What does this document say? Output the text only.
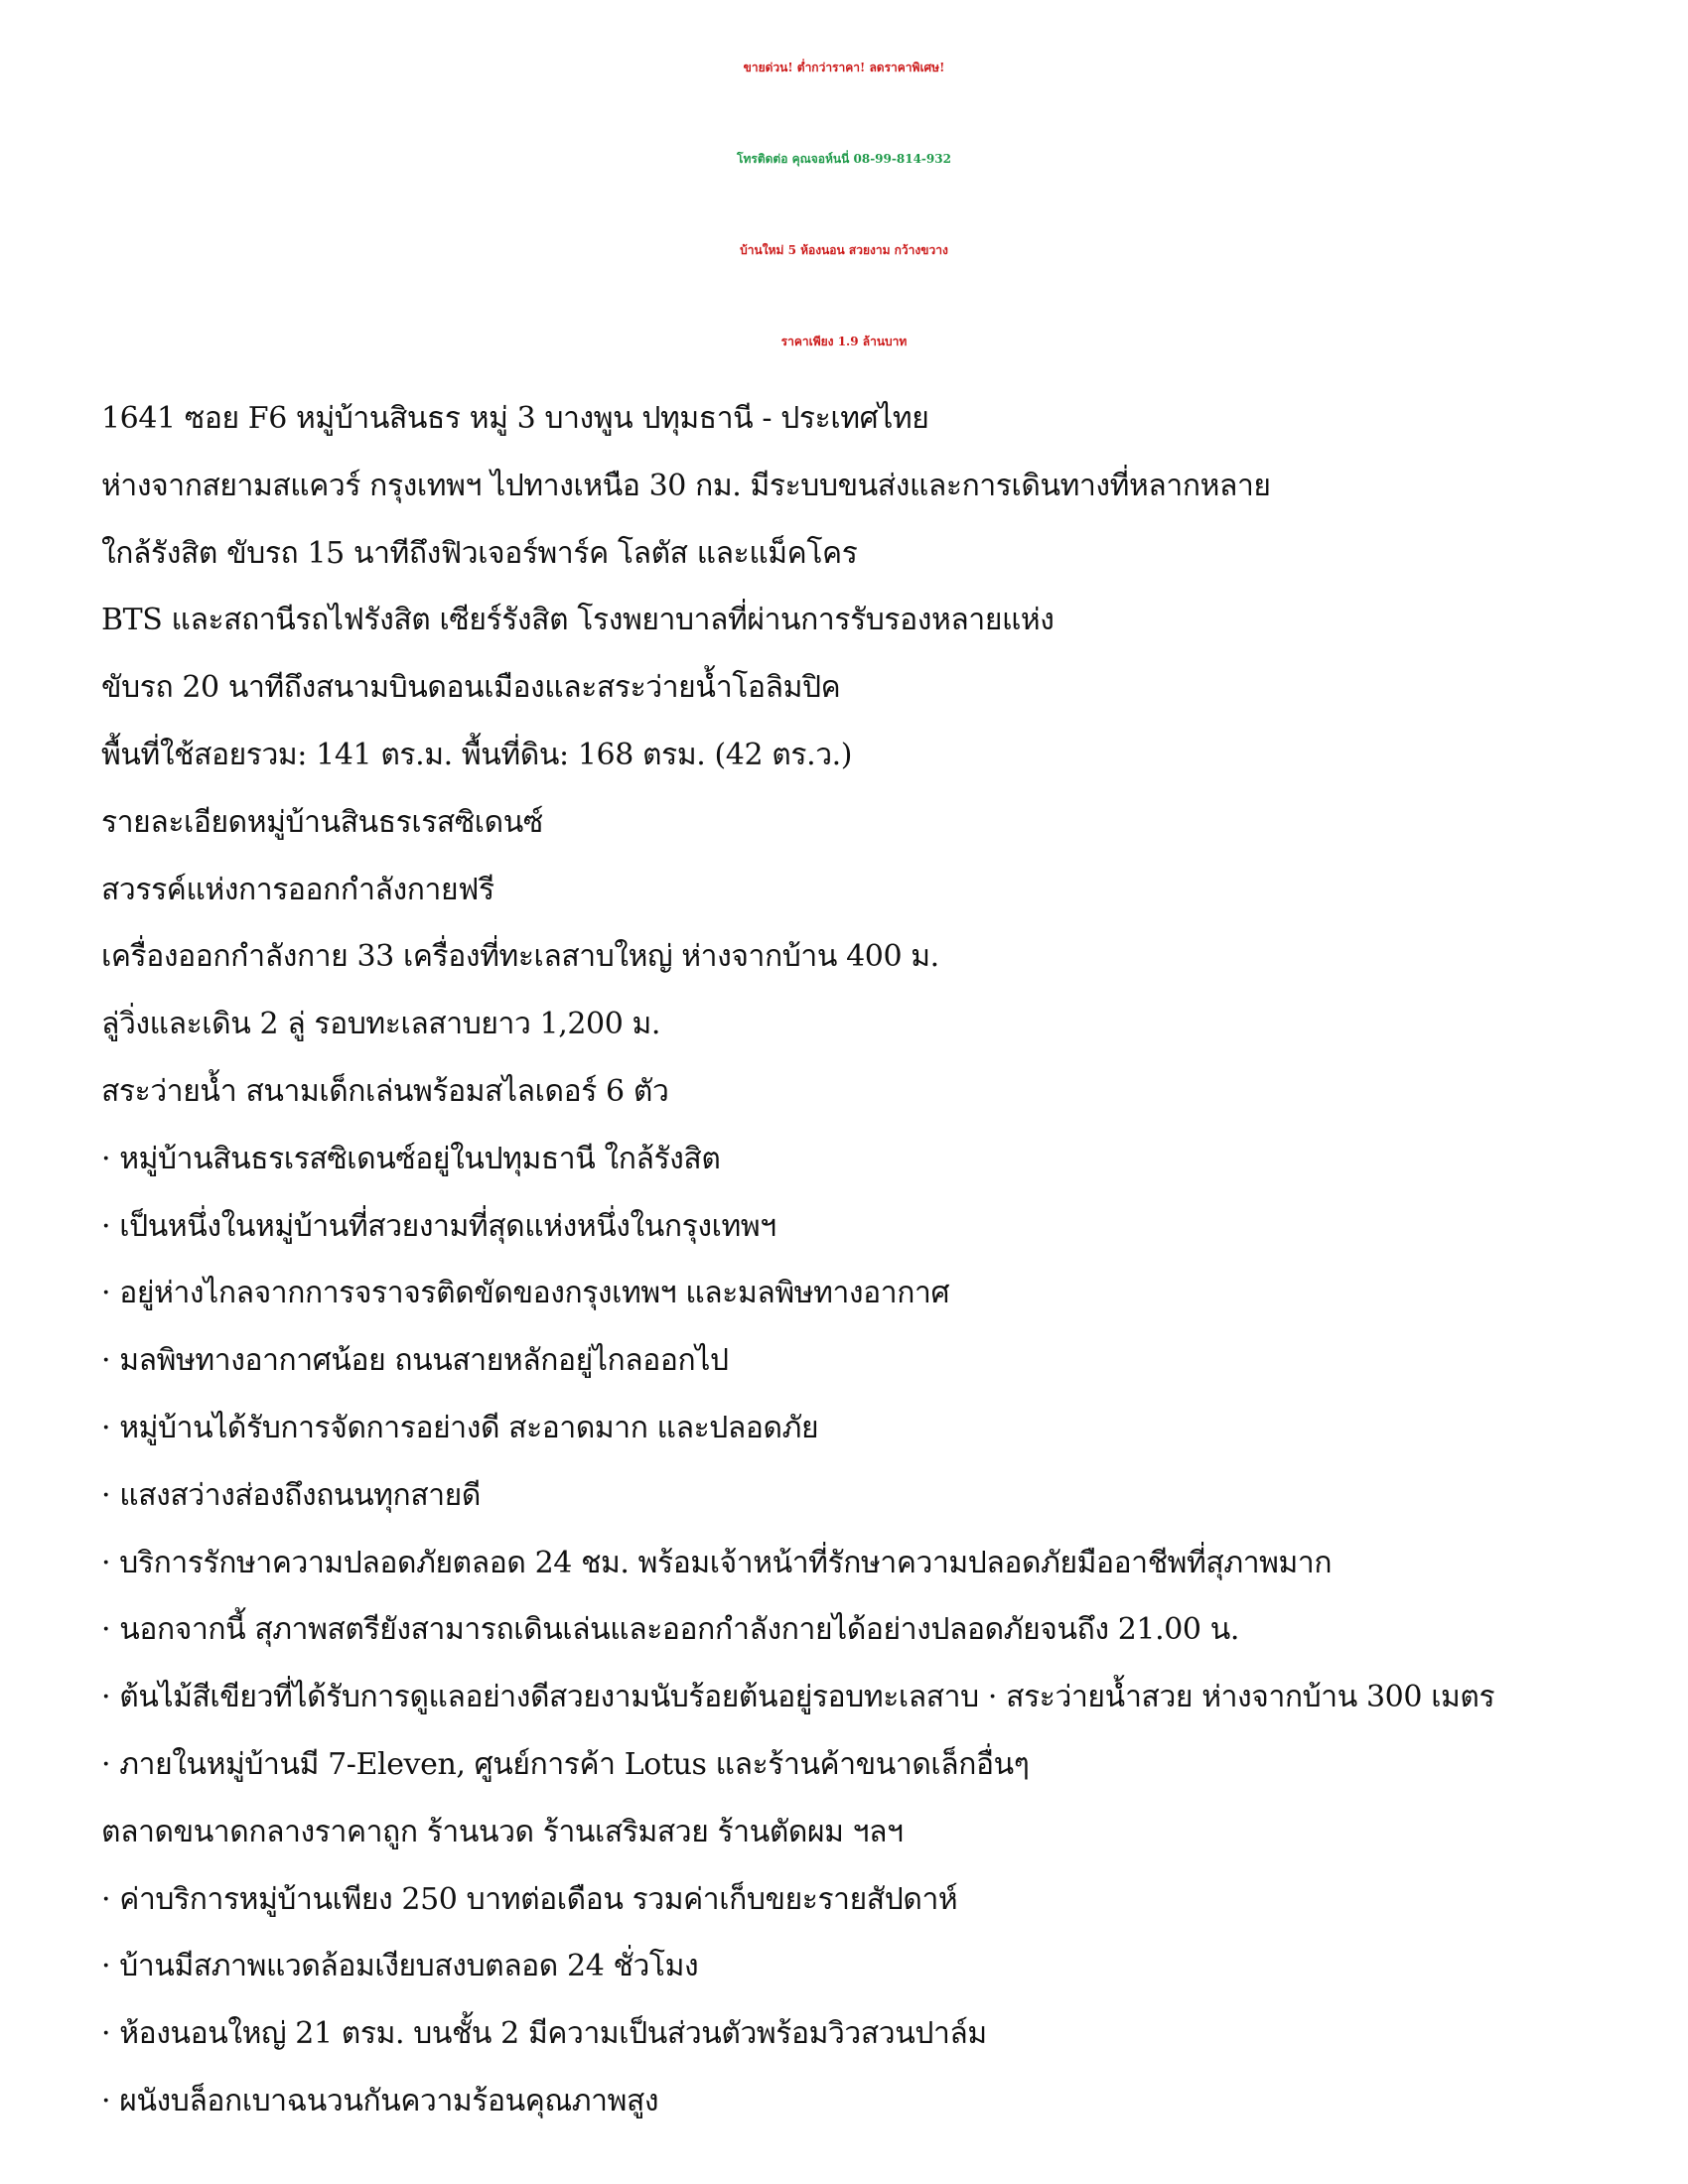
ขายด่วน! ต่ำกว่าราคา! ลดราคาพิเศษ!
โทรติดต่อ คุณจอห์นนี่ 08-99-814-932
บ้านใหม่ 5 ห้องนอน สวยงาม กว้างขวาง
ราคาเพียง 1.9 ล้านบาท
1641 ซอย F6 หมู่บ้านสินธร หมู่ 3 บางพูน ปทุมธานี - ประเทศไทย
ห่างจากสยามสแควร์ กรุงเทพฯ ไปทางเหนือ 30 กม. มีระบบขนส่งและการเดินทางที่หลากหลาย
ใกล้รังสิต ขับรถ 15 นาทีถึงฟิวเจอร์พาร์ค โลตัส และแม็คโคร
BTS และสถานีรถไฟรังสิต เซียร์รังสิต โรงพยาบาลที่ผ่านการรับรองหลายแห่ง
ขับรถ 20 นาทีถึงสนามบินดอนเมืองและสระว่ายน้ำโอลิมปิค
พื้นที่ใช้สอยรวม: 141 ตร.ม. พื้นที่ดิน: 168 ตรม. (42 ตร.ว.)
รายละเอียดหมู่บ้านสินธรเรสซิเดนซ์
สวรรค์แห่งการออกกำลังกายฟรี
เครื่องออกกำลังกาย 33 เครื่องที่ทะเลสาบใหญ่ ห่างจากบ้าน 400 ม.
ลู่วิ่งและเดิน 2 ลู่ รอบทะเลสาบยาว 1,200 ม.
สระว่ายน้ำ สนามเด็กเล่นพร้อมสไลเดอร์ 6 ตัว
· หมู่บ้านสินธรเรสซิเดนซ์อยู่ในปทุมธานี ใกล้รังสิต
· เป็นหนึ่งในหมู่บ้านที่สวยงามที่สุดแห่งหนึ่งในกรุงเทพฯ
· อยู่ห่างไกลจากการจราจรติดขัดของกรุงเทพฯ และมลพิษทางอากาศ
· มลพิษทางอากาศน้อย ถนนสายหลักอยู่ไกลออกไป
· หมู่บ้านได้รับการจัดการอย่างดี สะอาดมาก และปลอดภัย
· แสงสว่างส่องถึงถนนทุกสายดี
· บริการรักษาความปลอดภัยตลอด 24 ชม. พร้อมเจ้าหน้าที่รักษาความปลอดภัยมืออาชีพที่สุภาพมาก
· นอกจากนี้ สุภาพสตรียังสามารถเดินเล่นและออกกำลังกายได้อย่างปลอดภัยจนถึง 21.00 น.
· ต้นไม้สีเขียวที่ได้รับการดูแลอย่างดีสวยงามนับร้อยต้นอยู่รอบทะเลสาบ · สระว่ายน้ำสวย ห่างจากบ้าน 300 เมตร
· ภายในหมู่บ้านมี 7-Eleven, ศูนย์การค้า Lotus และร้านค้าขนาดเล็กอื่นๆ
ตลาดขนาดกลางราคาถูก ร้านนวด ร้านเสริมสวย ร้านตัดผม ฯลฯ
· ค่าบริการหมู่บ้านเพียง 250 บาทต่อเดือน รวมค่าเก็บขยะรายสัปดาห์
· บ้านมีสภาพแวดล้อมเงียบสงบตลอด 24 ชั่วโมง
· ห้องนอนใหญ่ 21 ตรม. บนชั้น 2 มีความเป็นส่วนตัวพร้อมวิวสวนปาล์ม
· ผนังบล็อกเบาฉนวนกันความร้อนคุณภาพสูง
